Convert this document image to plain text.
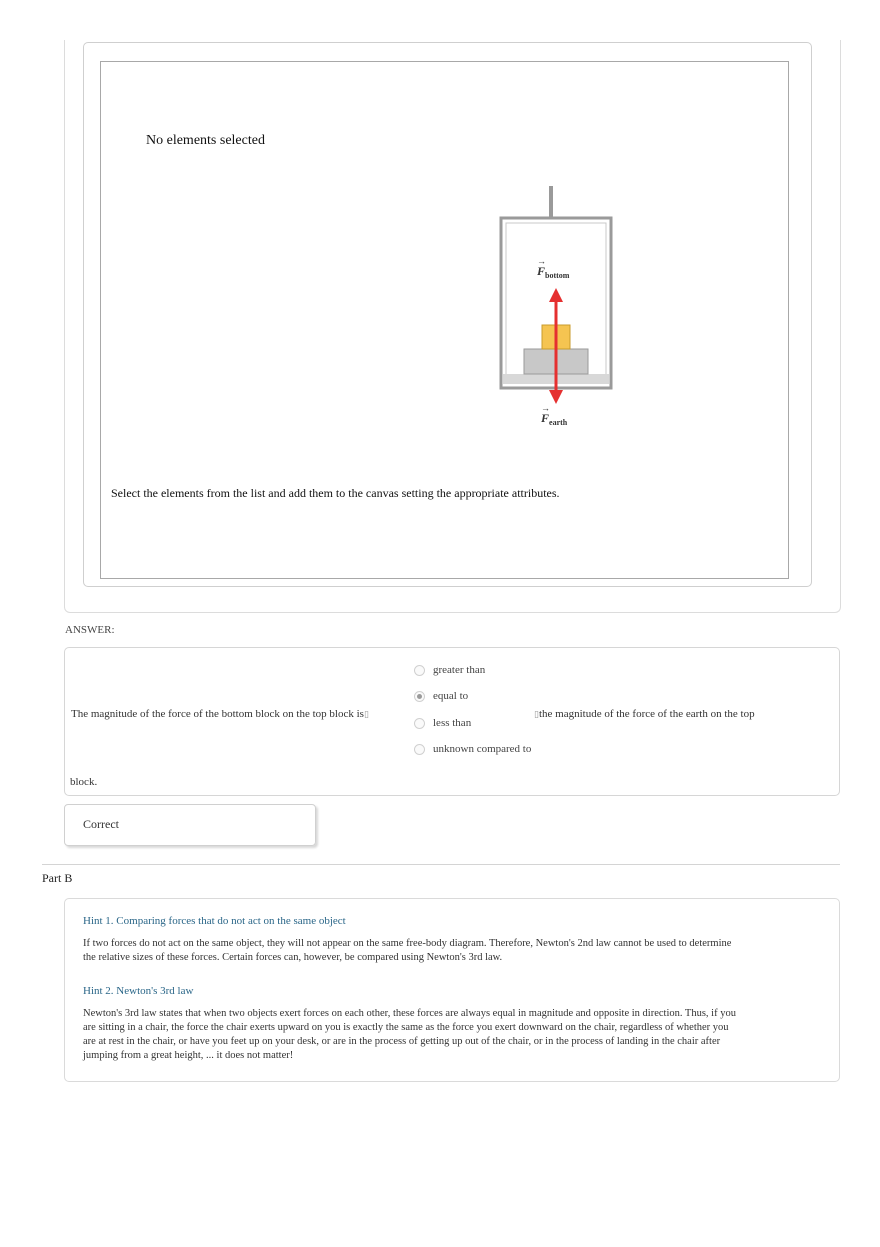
No elements selected
$F_{bottom}$
→
$F_{earth}$
→
Select the elements from the list and add them to the canvas setting the appropriate attributes.
ANSWER:
The magnitude of the force of the bottom block on the top block is▯
greater than
equal to
less than
unknown compared to
▯the magnitude of the force of the earth on the top
block.
Correct
Part B
Hint 1. Comparing forces that do not act on the same object
If two forces do not act on the same object, they will not appear on the same free-body diagram. Therefore, Newton's 2nd law cannot be used to determine the relative sizes of these forces. Certain forces can, however, be compared using Newton's 3rd law.
Hint 2. Newton's 3rd law
Newton's 3rd law states that when two objects exert forces on each other, these forces are always equal in magnitude and opposite in direction. Thus, if you are sitting in a chair, the force the chair exerts upward on you is exactly the same as the force you exert downward on the chair, regardless of whether you are at rest in the chair, or have you feet up on your desk, or are in the process of getting up out of the chair, or in the process of landing in the chair after jumping from a great height, ... it does not matter!
